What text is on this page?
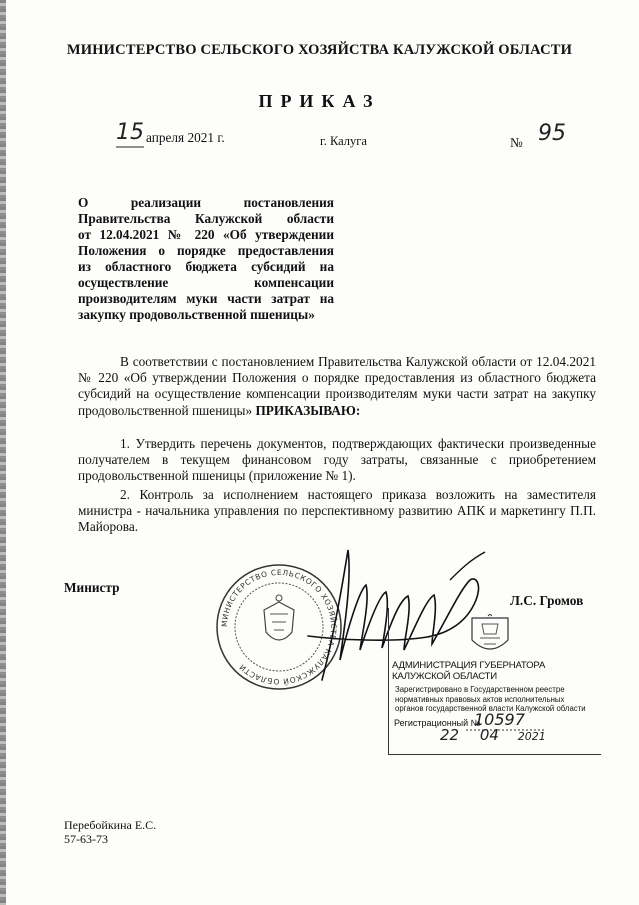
МИНИСТЕРСТВО СЕЛЬСКОГО ХОЗЯЙСТВА КАЛУЖСКОЙ ОБЛАСТИ
ПРИКАЗ
15 апреля 2021 г.	г. Калуга	№ 95
О реализации постановления
Правительства Калужской области
от 12.04.2021 № 220 «Об утверждении
Положения о порядке предоставления
из областного бюджета субсидий на
осуществление компенсации
производителям муки части затрат на
закупку продовольственной пшеницы»
В соответствии с постановлением Правительства Калужской области от 12.04.2021 № 220 «Об утверждении Положения о порядке предоставления из областного бюджета субсидий на осуществление компенсации производителям муки части затрат на закупку продовольственной пшеницы» ПРИКАЗЫВАЮ:
1. Утвердить перечень документов, подтверждающих фактически произведенные получателем в текущем финансовом году затраты, связанные с приобретением продовольственной пшеницы (приложение № 1).
2. Контроль за исполнением настоящего приказа возложить на заместителя министра - начальника управления по перспективному развитию АПК и маркетингу П.П. Майорова.
Министр
Л.С. Громов
МИНИСТЕРСТВО СЕЛЬСКОГО ХОЗЯЙСТВА КАЛУЖСКОЙ ОБЛАСТИ	АДМИНИСТРАЦИЯ ГУБЕРНАТОРА КАЛУЖСКОЙ ОБЛАСТИ
Зарегистрировано в Государственном реестре нормативных правовых актов исполнительных органов государственной власти Калужской области
Регистрационный №
10597
22 04 2021
Перебойкина Е.С.
57-63-73
